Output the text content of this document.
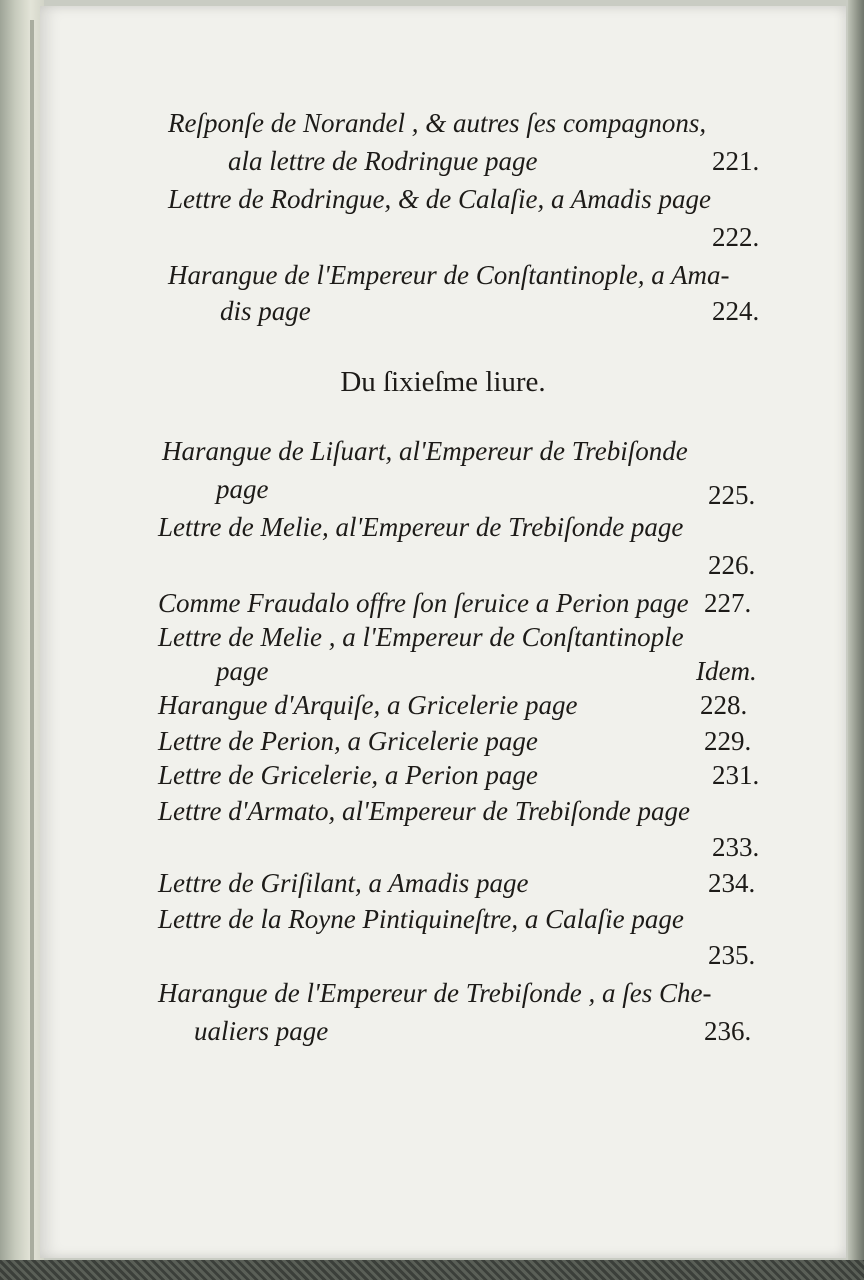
Reſponſe de Norandel , & autres ſes compagnons,
ala lettre de Rodringue page	221.
Lettre de Rodringue, & de Calaſie, a Amadis page
222.
Harangue de l'Empereur de Conſtantinople, a Ama-
dis page	224.
Du ſixieſme liure.
Harangue de Liſuart, al'Empereur de Trebiſonde
page	225.
Lettre de Melie, al'Empereur de Trebiſonde page
226.
Comme Fraudalo offre ſon ſeruice a Perion page 227.
Lettre de Melie , a l'Empereur de Conſtantinople
page	Idem.
Harangue d'Arquiſe, a Gricelerie page	228.
Lettre de Perion, a Gricelerie page	229.
Lettre de Gricelerie, a Perion page	231.
Lettre d'Armato, al'Empereur de Trebiſonde page
233.
Lettre de Griſilant, a Amadis page	234.
Lettre de la Royne Pintiquineſtre, a Calaſie page
235.
Harangue de l'Empereur de Trebiſonde , a ſes Che-
ualiers page	236.
